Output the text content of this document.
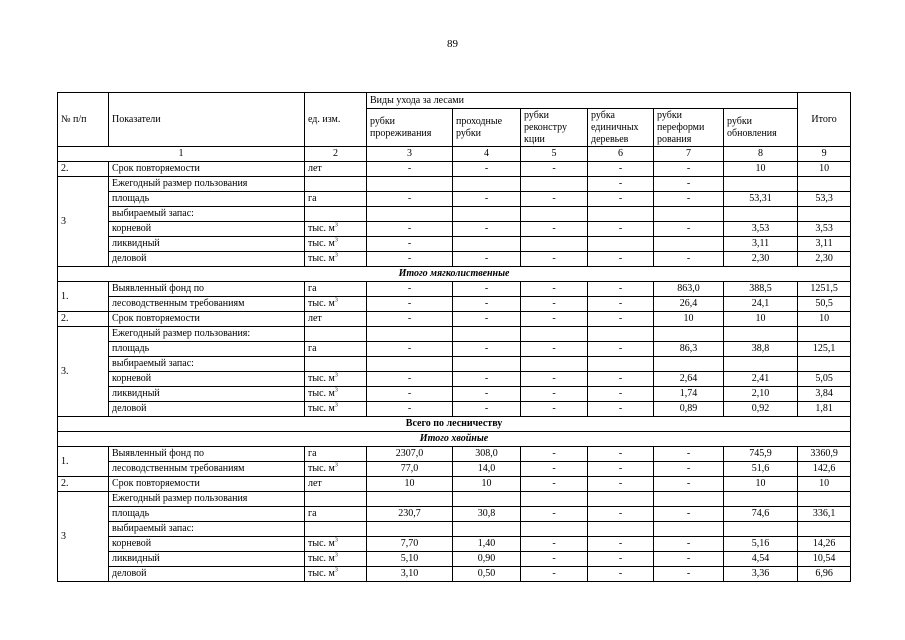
89
№ п/п	Показатели	ед. изм.	Виды ухода за лесами						Итого
			рубки прореживания	проходные рубки	рубки реконстру кции	рубка единичных деревьев	рубки переформи рования	рубки обновления	
1		2	3	4	5	6	7	8	9
2.	Срок повторяемости	лет	-	-	-	-	-	10	10
3	Ежегодный размер пользования					-	-		
	площадь	га	-	-	-	-	-	53,31	53,3
	выбираемый запас:								
	корневой	тыс. $м^3$	-	-	-	-	-	3,53	3,53
	ликвидный	тыс. $м^3$	-					3,11	3,11
	деловой	тыс. $м^3$	-	-	-	-	-	2,30	2,30
Итого мягколиственные									
1.	Выявленный фонд по	га	-	-	-	-	863,0	388,5	1251,5
	лесоводственным требованиям	тыс. $м^3$	-	-	-	-	26,4	24,1	50,5
2.	Срок повторяемости	лет	-	-	-	-	10	10	10
3.	Ежегодный размер пользования:								
	площадь	га	-	-	-	-	86,3	38,8	125,1
	выбираемый запас:								
	корневой	тыс. $м^3$	-	-	-	-	2,64	2,41	5,05
	ликвидный	тыс. $м^3$	-	-	-	-	1,74	2,10	3,84
	деловой	тыс. $м^3$	-	-	-	-	0,89	0,92	1,81
Всего по лесничеству									
Итого хвойные									
1.	Выявленный фонд по	га	2307,0	308,0	-	-	-	745,9	3360,9
	лесоводственным требованиям	тыс. $м^3$	77,0	14,0	-	-	-	51,6	142,6
2.	Срок повторяемости	лет	10	10	-	-	-	10	10
3	Ежегодный размер пользования								
	площадь	га	230,7	30,8	-	-	-	74,6	336,1
	выбираемый запас:								
	корневой	тыс. $м^3$	7,70	1,40	-	-	-	5,16	14,26
	ликвидный	тыс. $м^3$	5,10	0,90	-	-	-	4,54	10,54
	деловой	тыс. $м^3$	3,10	0,50	-	-	-	3,36	6,96
